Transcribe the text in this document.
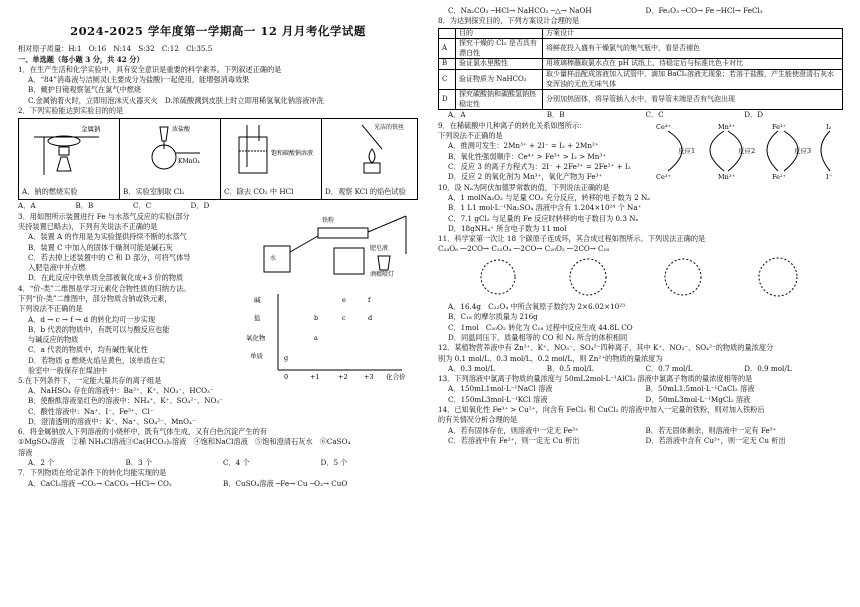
2024-2025 学年度第一学期高一 12 月月考化学试题

相对原子质量：H:1　O:16　N:14　S:32　C:12　Cl:35.5

一、单选题（每小题 3 分，共 42 分）

1．在生产生活和化学实验中，具有安全意识是重要的科学素养。下列叙述正确的是

A．“84”消毒液与洁厕灵(主要成分为盐酸)一起使用，能增强消毒效果

B．戴护目镜观察氢气在氯气中燃烧

C.金属钠着火时，立即用泡沫灭火器灭火　D.浓硫酸溅到皮肤上时立即用稀氢氧化钠溶液冲洗

2．下列实验能达到实验目的的是

金属钠
A．钠的燃烧实验
浓盐酸
KMnO₄
B．实验室制取 Cl₂
饱和碳酸钠溶液
C．除去 CO₂ 中 HCl
光洁的铁丝
D．观察 KCl 的焰色试验
A．A	B．B	C．C	D．D

3．用如图所示装置进行 Fe 与水蒸气反应的实验(部分

夹持装置已略去)，下列有关说法不正确的是

A．装置 A 的作用是为实验提供持续不断的水蒸气

B．装置 C 中加入的固体干燥剂可能是碱石灰

C．若去掉上述装置中的 C 和 D 部分，可将气体导

入肥皂液中并点燃

D．在此反应中铁单质全部被氧化成+3 价的物质

铁粉
肥皂液
酒精喷灯
水

4．“价-类”二维图是学习元素化合物性质的归纳方法。

下列“价-类”二维图中，部分物质含钠或铁元素，

下列说法不正确的是

A．d → c → f → d 的转化均可一步实现

B．b 代表的物质中，有既可以与酸反应也能

与碱反应的物质

C．a 代表的物质中，均有碱性氧化性

D．若物质 g 燃烧火焰呈黄色，该单质在实

验室中一般保存在煤油中

碱
盐
氧化物
单质
0	+1	+2	+3 化合价
e	f
b	c	d
a
g

5.在下列条件下，一定能大量共存的离子组是

A．NaHSO₄ 存在的溶液中：Ba²⁺、K⁺、NO₃⁻、HCO₃⁻

B．使酚酞溶液显红色的溶液中：NH₄⁺、K⁺、SO₄²⁻、NO₃⁻

C．酸性溶液中：Na⁺、I⁻、Fe³⁺、Cl⁻

D．澄清透明的溶液中：K⁺、Na⁺、SO₄²⁻、MnO₄⁻

6．将金属钠放入下列溶液的小烧杯中，既有气体生成，又有白色沉淀产生的有

①MgSO₄溶液　②稀 NH₄Cl溶液③Ca(HCO₃)₂溶液　④饱和NaCl溶液　⑤饱和澄清石灰水　⑥CaSO₄

溶液

A．2 个	B．3 个	C．4 个	D．5 个

7．下列物质在给定条件下的转化均能实现的是

A．CaCl₂溶液 ─CO₂→ CaCO₃ ─HCl→ CO₂	B．CuSO₄溶液 ─Fe→ Cu ─O₂→ CuO
C．Na₂CO₃ ─HCl→ NaHCO₃ ─△→ NaOH	D．Fe₂O₃ ─CO→ Fe ─HCl→ FeCl₃

8．为达到探究目的，下列方案设计合理的是

	目的	方案设计
A	探究干燥的 Cl₂ 是否具有漂白性	将鲜花投入盛有干燥氯气的集气瓶中，看是否褪色
B	验证氯水里酸性	用玻璃棒蘸取氯水点在 pH 试纸上，待稳定后与标准比色卡对比
C	验证物质为 NaHCO₃	取少量样品配成溶液加入试管中，滴加 BaCl₂溶液无现象；若溶于盐酸，产生能使澄清石灰水变浑浊的无色无味气体
D	探究碳酸钠和碳酸氢钠热稳定性	分别加热固体，将导管插入水中，看导管末端是否有气泡出现
A．A	B．B	C．C	D．D

9．在稀硫酸中几种离子的转化关系如图所示：

下列说法不正确的是

A．推测可发生：2Mn³⁺ + 2I⁻ = I₂ + 2Mn²⁺

B．氧化性强弱顺序：Ce⁴⁺ > Fe³⁺ > I₂ > Mn³⁺

C．反应 3 的离子方程式为：2I⁻ + 2Fe³⁺ = 2Fe²⁺ + I₂

D．反应 2 的氧化剂为 Mn³⁺，氧化产物为 Fe³⁺

Ce⁴⁺	Mn³⁺	Fe³⁺	I₂
反应1	反应2	反应3
Ce³⁺	Mn²⁺	Fe²⁺	I⁻

10．设 Nₐ为阿伏加德罗常数的值，下列说法正确的是

A．1 molNa₂O₂ 与足量 CO₂ 充分反应，转移的电子数为 2 Nₐ

B．1 L1 mol·L⁻¹Na₂SO₄ 溶液中含有 1.204×10²⁴ 个 Na⁺

C．7.1 gCl₂ 与足量的 Fe 反应时转移的电子数目为 0.3 Nₐ

D．18gNH₄⁺ 所含电子数为 11 mol

11．科学家第一次让 18 个碳原子连成环，其合成过程如图所示。下列说法正确的是

C₂₄O₆ ─-2CO→ C₂₂O₄ ─-2CO→ C₂₀O₂ ─-2CO→ C₁₈

A．16.4g　C₂₂O₄ 中所含氧原子数约为 2×6.02×10²³

B．C₁₈ 的摩尔质量为 216g

C．1mol　C₂₀O₂ 转化为 C₁₈ 过程中反应生成 44.8L CO

D．同温同压下，质量相等的 CO 和 N₂ 所含的体积相同

12．某植物营养液中有 Zn²⁺、K⁺、NO₃⁻、SO₄²⁻四种离子，其中 K⁺、NO₃⁻、SO₄²⁻的物质的量浓度分

别为 0.1 mol/L、0.3 mol/L、0.2 mol/L，则 Zn²⁺的物质的量浓度为

A．0.3 mol/L	B．0.5 mol/L	C．0.7 mol/L	D．0.9 mol/L

13．下列溶液中氯离子物质的量浓度与 50mL2mol·L⁻¹AlCl₃ 溶液中氯离子物质的量浓度相等的是

A．150mL1mol·L⁻¹NaCl 溶液	B．50mL1.5mol·L⁻¹CaCl₂ 溶液
C．150mL3mol·L⁻¹KCl 溶液	D．50mL3mol·L⁻¹MgCl₂ 溶液

14．已知氧化性 Fe³⁺ > Cu²⁺，向含有 FeCl₃ 和 CuCl₂ 的溶液中加入一定量的铁粉，则对加入铁粉后

的有关情况分析合理的是

A．若有固体存在，则溶液中一定无 Fe³⁺	B．若无固体剩余，则溶液中一定有 Fe³⁺
C．若溶液中有 Fe²⁺，则一定无 Cu 析出	D．若溶液中含有 Cu²⁺，则一定无 Cu 析出
